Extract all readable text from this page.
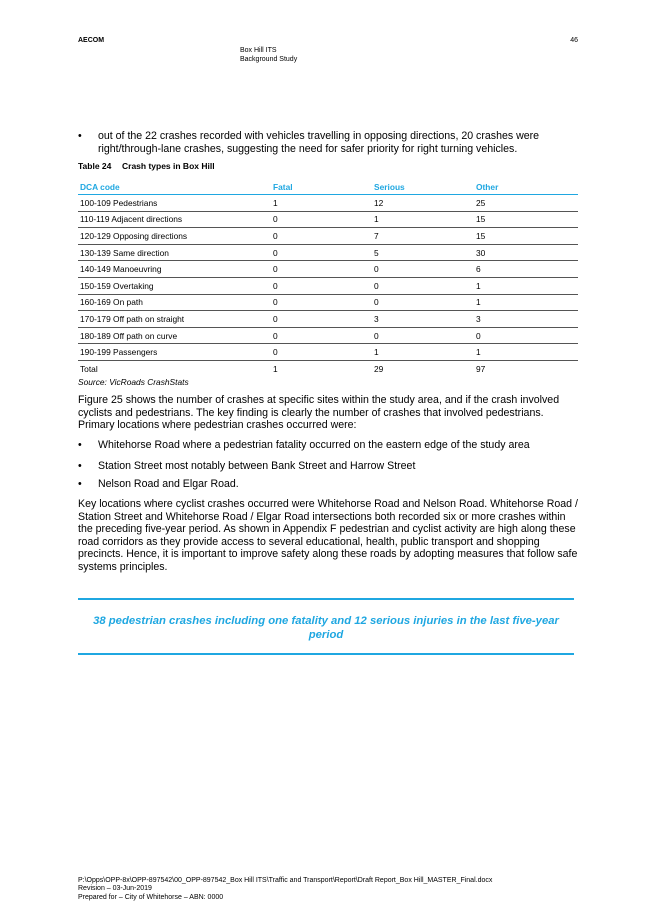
AECOM	46
Box Hill ITS
Background Study
• out of the 22 crashes recorded with vehicles travelling in opposing directions, 20 crashes were right/through-lane crashes, suggesting the need for safer priority for right turning vehicles.
Table 24 Crash types in Box Hill
DCA code	Fatal	Serious	Other
100-109 Pedestrians	1	12	25
110-119 Adjacent directions	0	1	15
120-129 Opposing directions	0	7	15
130-139 Same direction	0	5	30
140-149 Manoeuvring	0	0	6
150-159 Overtaking	0	0	1
160-169 On path	0	0	1
170-179 Off path on straight	0	3	3
180-189 Off path on curve	0	0	0
190-199 Passengers	0	1	1
Total	1	29	97
Source: VicRoads CrashStats
Figure 25 shows the number of crashes at specific sites within the study area, and if the crash involved cyclists and pedestrians. The key finding is clearly the number of crashes that involved pedestrians. Primary locations where pedestrian crashes occurred were:
• Whitehorse Road where a pedestrian fatality occurred on the eastern edge of the study area
• Station Street most notably between Bank Street and Harrow Street
• Nelson Road and Elgar Road.
Key locations where cyclist crashes occurred were Whitehorse Road and Nelson Road. Whitehorse Road / Station Street and Whitehorse Road / Elgar Road intersections both recorded six or more crashes within the preceding five-year period. As shown in Appendix F pedestrian and cyclist activity are high along these road corridors as they provide access to several educational, health, public transport and shopping precincts. Hence, it is important to improve safety along these roads by adopting measures that follow safe systems principles.
38 pedestrian crashes including one fatality and 12 serious injuries in the last five-year period
P:\Opps\OPP-8x\OPP-897542\00_OPP-897542_Box Hill ITS\Traffic and Transport\Report\Draft Report_Box Hill_MASTER_Final.docx
Revision – 03-Jun-2019
Prepared for – City of Whitehorse – ABN: 0000
